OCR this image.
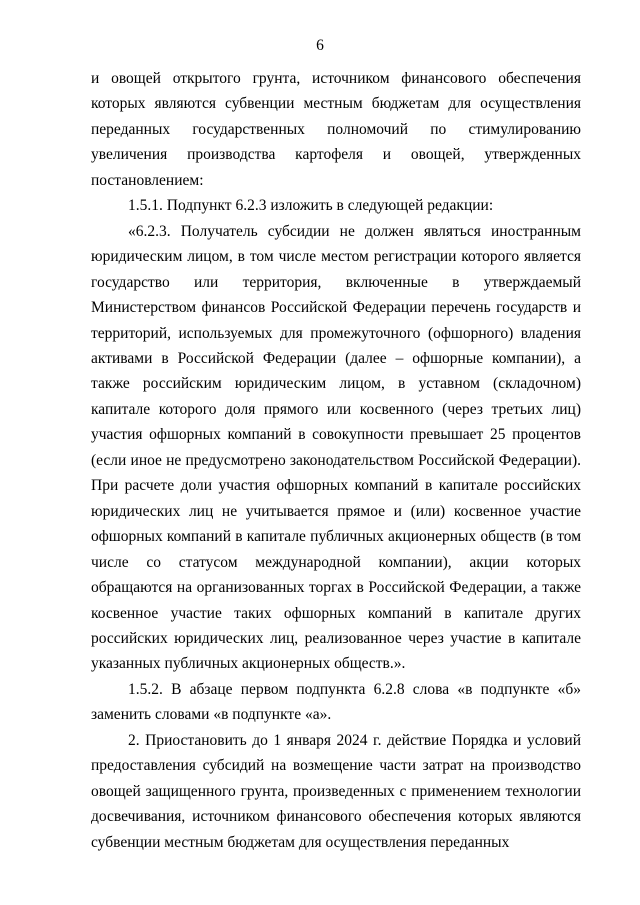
6

и овощей открытого грунта, источником финансового обеспечения которых являются субвенции местным бюджетам для осуществления переданных государственных полномочий по стимулированию увеличения производства картофеля и овощей, утвержденных постановлением:

1.5.1. Подпункт 6.2.3 изложить в следующей редакции:

«6.2.3. Получатель субсидии не должен являться иностранным юридическим лицом, в том числе местом регистрации которого является государство или территория, включенные в утверждаемый Министерством финансов Российской Федерации перечень государств и территорий, используемых для промежуточного (офшорного) владения активами в Российской Федерации (далее – офшорные компании), а также российским юридическим лицом, в уставном (складочном) капитале которого доля прямого или косвенного (через третьих лиц) участия офшорных компаний в совокупности превышает 25 процентов (если иное не предусмотрено законодательством Российской Федерации). При расчете доли участия офшорных компаний в капитале российских юридических лиц не учитывается прямое и (или) косвенное участие офшорных компаний в капитале публичных акционерных обществ (в том числе со статусом международной компании), акции которых обращаются на организованных торгах в Российской Федерации, а также косвенное участие таких офшорных компаний в капитале других российских юридических лиц, реализованное через участие в капитале указанных публичных акционерных обществ.».

1.5.2. В абзаце первом подпункта 6.2.8 слова «в подпункте «б» заменить словами «в подпункте «а».

2. Приостановить до 1 января 2024 г. действие Порядка и условий предоставления субсидий на возмещение части затрат на производство овощей защищенного грунта, произведенных с применением технологии досвечивания, источником финансового обеспечения которых являются субвенции местным бюджетам для осуществления переданных
